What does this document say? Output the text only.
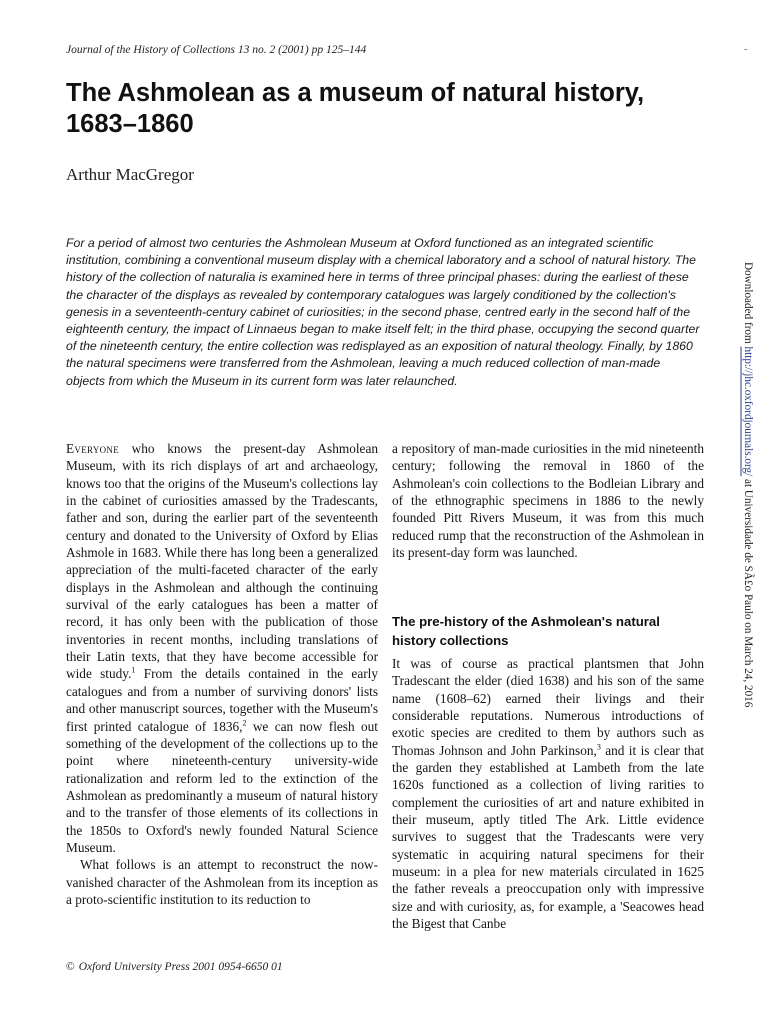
Journal of the History of Collections 13 no. 2 (2001) pp 125–144	-
The Ashmolean as a museum of natural history, 1683–1860
Arthur MacGregor

For a period of almost two centuries the Ashmolean Museum at Oxford functioned as an integrated scientific institution, combining a conventional museum display with a chemical laboratory and a school of natural history. The history of the collection of naturalia is examined here in terms of three principal phases: during the earliest of these the character of the displays as revealed by contemporary catalogues was largely conditioned by the collection's genesis in a seventeenth-century cabinet of curiosities; in the second phase, centred early in the second half of the eighteenth century, the impact of Linnaeus began to make itself felt; in the third phase, occupying the second quarter of the nineteenth century, the entire collection was redisplayed as an exposition of natural theology. Finally, by 1860 the natural specimens were transferred from the Ashmolean, leaving a much reduced collection of man-made objects from which the Museum in its current form was later relaunched.

Everyone who knows the present-day Ashmolean Museum, with its rich displays of art and archaeology, knows too that the origins of the Museum's collections lay in the cabinet of curiosities amassed by the Tradescants, father and son, during the earlier part of the seventeenth century and donated to the University of Oxford by Elias Ashmole in 1683. While there has long been a generalized appreciation of the multi-faceted character of the early displays in the Ashmolean and although the continuing survival of the early catalogues has been a matter of record, it has only been with the publication of those inventories in recent months, including translations of their Latin texts, that they have become accessible for wide study.$^1$ From the details contained in the early catalogues and from a number of surviving donors' lists and other manuscript sources, together with the Museum's first printed catalogue of 1836,$^2$ we can now flesh out something of the development of the collections up to the point where nineteenth-century university-wide rationalization and reform led to the extinction of the Ashmolean as predominantly a museum of natural history and to the transfer of those elements of its collections in the 1850s to Oxford's newly founded Natural Science Museum.

What follows is an attempt to reconstruct the now-vanished character of the Ashmolean from its inception as a proto-scientific institution to its reduction to

a repository of man-made curiosities in the mid nineteenth century; following the removal in 1860 of the Ashmolean's coin collections to the Bodleian Library and of the ethnographic specimens in 1886 to the newly founded Pitt Rivers Museum, it was from this much reduced rump that the reconstruction of the Ashmolean in its present-day form was launched.

The pre-history of the Ashmolean's natural history collections

It was of course as practical plantsmen that John Tradescant the elder (died 1638) and his son of the same name (1608–62) earned their livings and their considerable reputations. Numerous introductions of exotic species are credited to them by authors such as Thomas Johnson and John Parkinson,$^3$ and it is clear that the garden they established at Lambeth from the late 1620s functioned as a collection of living rarities to complement the curiosities of art and nature exhibited in their museum, aptly titled The Ark. Little evidence survives to suggest that the Tradescants were very systematic in acquiring natural specimens for their museum: in a plea for new materials circulated in 1625 the father reveals a preoccupation only with impressive size and with curiosity, as, for example, a 'Seacowes head the Bigest that Canbe

© Oxford University Press 2001 0954-6650 01
Downloaded from http://jhc.oxfordjournals.org/ at Universidade de SÃ£o Paulo on March 24, 2016
